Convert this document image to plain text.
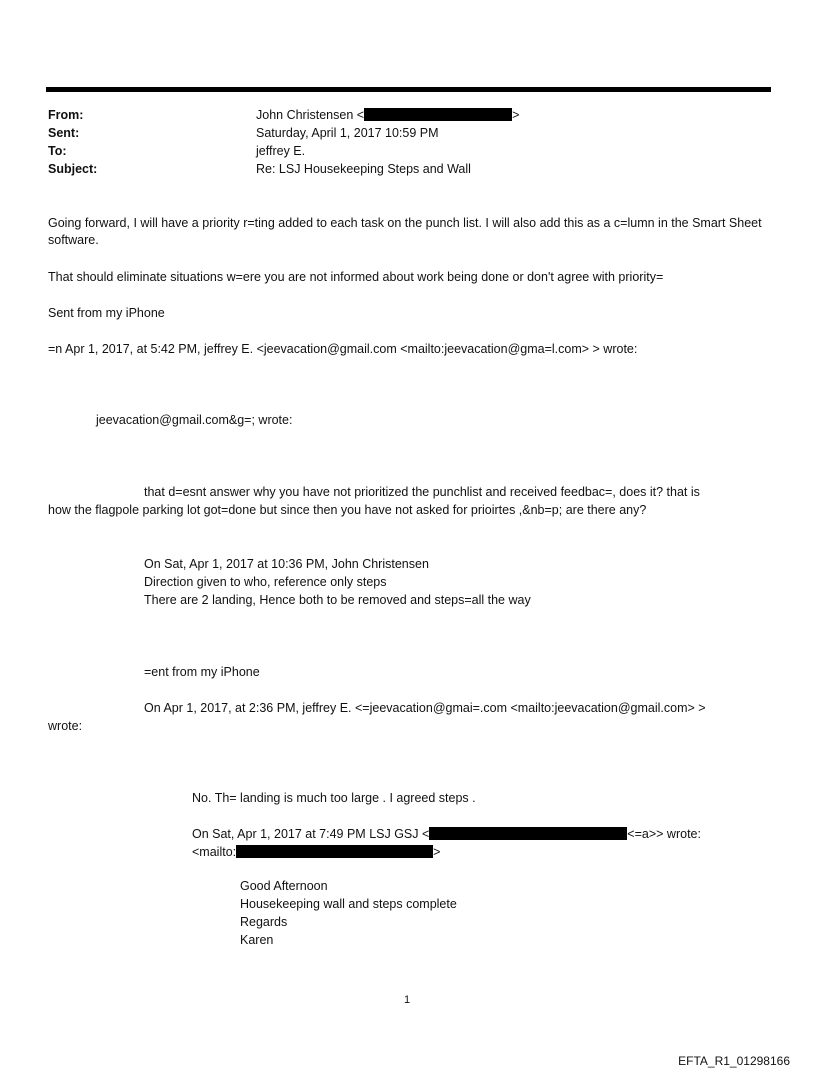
From:	John Christensen <	>
Sent:	Saturday, April 1, 2017 10:59 PM
To:	jeffrey E.
Subject:	Re: LSJ Housekeeping Steps and Wall
Going forward, I will have a priority r=ting added to each task on the punch list. I will also add this as a c=lumn in the Smart Sheet software.
That should eliminate situations w=ere you are not informed about work being done or don't agree with priority=
Sent from my iPhone
=n Apr 1, 2017, at 5:42 PM, jeffrey E. <jeevacation@gmail.com <mailto:jeevacation@gma=l.com> > wrote:
jeevacation@gmail.com&g=; wrote:
that d=esnt answer why you have not prioritized the punchlist and received feedbac=, does it? that is
how the flagpole parking lot got=done but since then you have not asked for prioirtes ,&nb=p; are there any?
On Sat, Apr 1, 2017 at 10:36 PM, John Christensen
Direction given to who, reference only steps
There are 2 landing, Hence both to be removed and steps=all the way
=ent from my iPhone
On Apr 1, 2017, at 2:36 PM, jeffrey E. <=jeevacation@gmai=.com <mailto:jeevacation@gmail.com> >
wrote:
No. Th= landing is much too large . I agreed steps .
On Sat, Apr 1, 2017 at 7:49 PM LSJ GSJ <	<=a>> wrote:
<mailto:	>
Good Afternoon
Housekeeping wall and steps complete
Regards
Karen
1
EFTA_R1_01298166
